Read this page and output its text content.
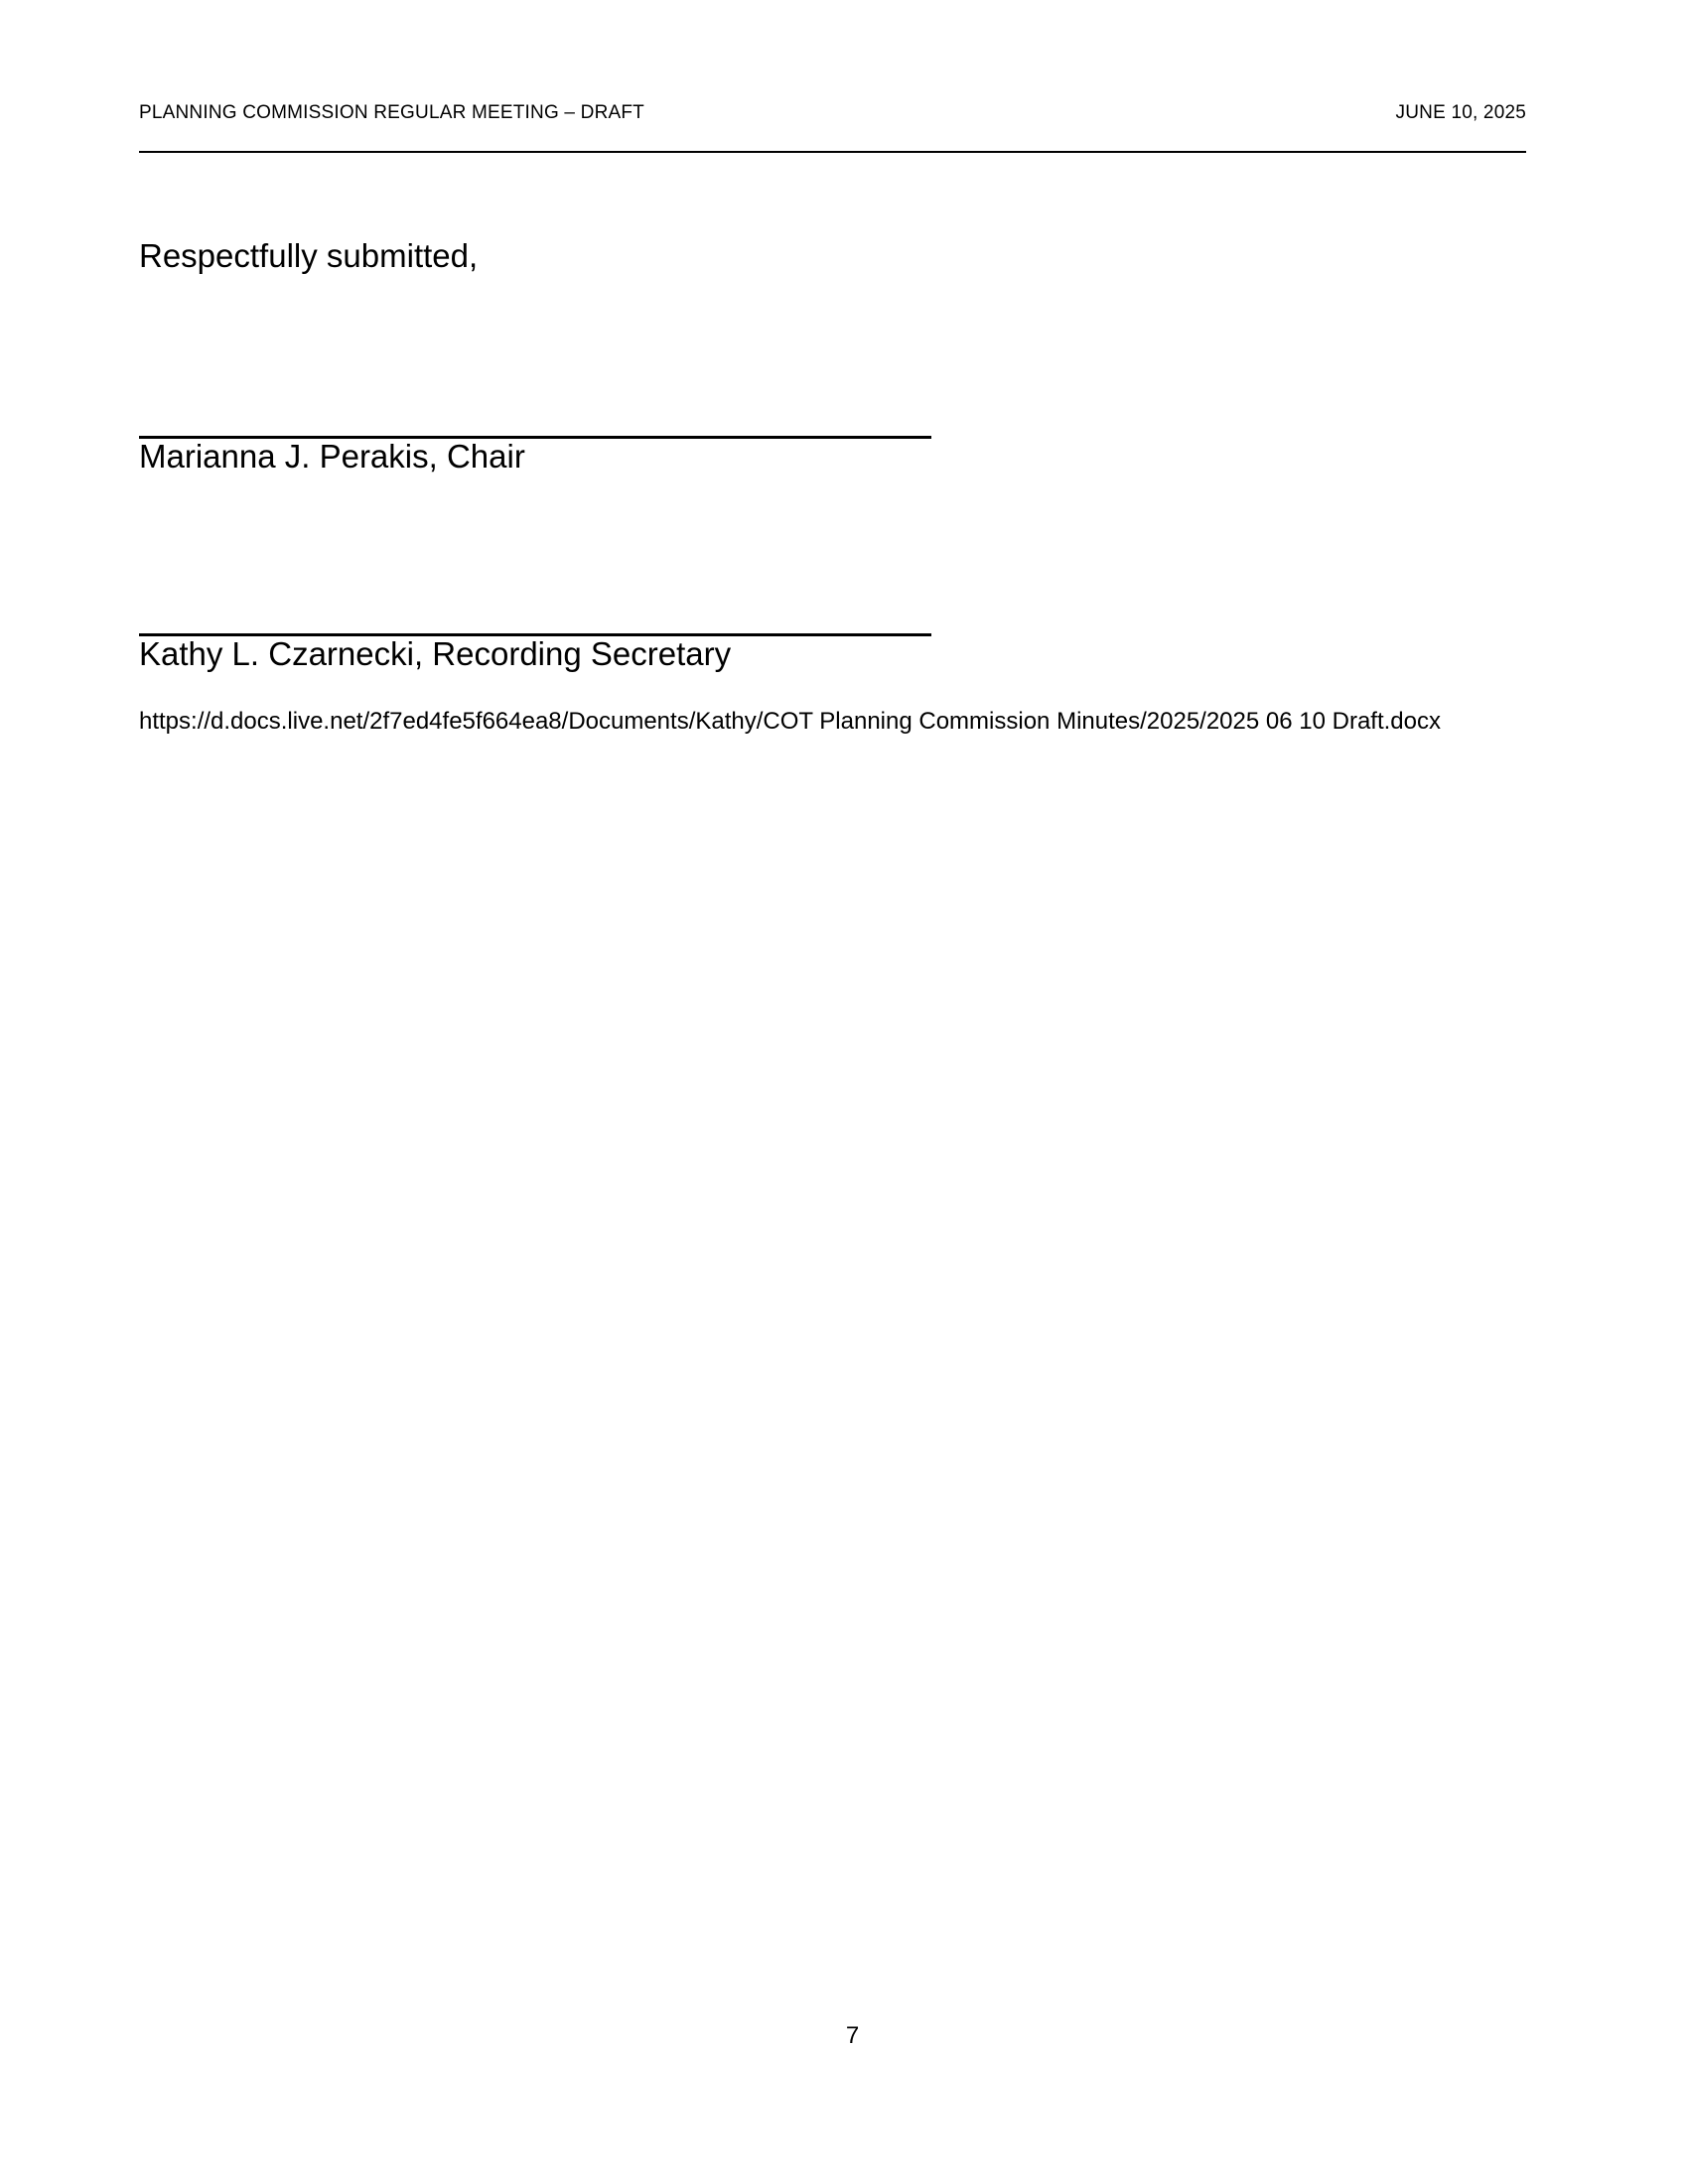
PLANNING COMMISSION REGULAR MEETING – DRAFT	JUNE 10, 2025
Respectfully submitted,
Marianna J. Perakis, Chair
Kathy L. Czarnecki, Recording Secretary
https://d.docs.live.net/2f7ed4fe5f664ea8/Documents/Kathy/COT Planning Commission Minutes/2025/2025 06 10 Draft.docx
7
